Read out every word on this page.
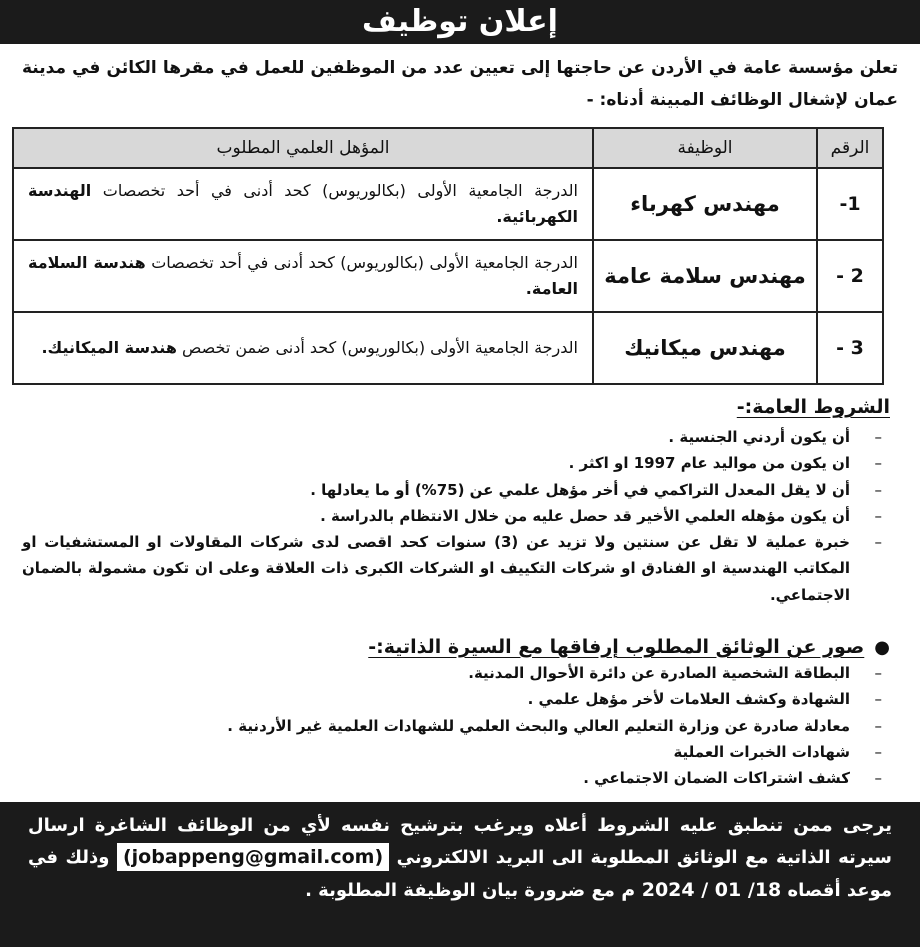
إعلان توظيف
تعلن مؤسسة عامة في الأردن عن حاجتها إلى تعيين عدد من الموظفين للعمل في مقرها الكائن في مدينة عمان لإشغال الوظائف المبينة أدناه: -
الرقم	الوظيفة	المؤهل العلمي المطلوب
1-	مهندس كهرباء	الدرجة الجامعية الأولى (بكالوريوس) كحد أدنى في أحد تخصصات الهندسة الكهربائية.
2 -	مهندس سلامة عامة	الدرجة الجامعية الأولى (بكالوريوس) كحد أدنى في أحد تخصصات هندسة السلامة العامة.
3 -	مهندس ميكانيك	الدرجة الجامعية الأولى (بكالوريوس) كحد أدنى ضمن تخصص هندسة الميكانيك.
الشروط العامة:-
– أن يكون أردني الجنسية .
– ان يكون من مواليد عام 1997 او اكثر .
– أن لا يقل المعدل التراكمي في أخر مؤهل علمي عن (75%) أو ما يعادلها .
– أن يكون مؤهله العلمي الأخير قد حصل عليه من خلال الانتظام بالدراسة .
– خبرة عملية لا تقل عن سنتين ولا تزيد عن (3) سنوات كحد اقصى لدى شركات المقاولات او المستشفيات او المكاتب الهندسية او الفنادق او شركات التكييف او الشركات الكبرى ذات العلاقة وعلى ان تكون مشمولة بالضمان الاجتماعي.
●
صور عن الوثائق المطلوب إرفاقها مع السيرة الذاتية:-
– البطاقة الشخصية الصادرة عن دائرة الأحوال المدنية.
– الشهادة وكشف العلامات لأخر مؤهل علمي .
– معادلة صادرة عن وزارة التعليم العالي والبحث العلمي للشهادات العلمية غير الأردنية .
– شهادات الخبرات العملية
– كشف اشتراكات الضمان الاجتماعي .
يرجى ممن تنطبق عليه الشروط أعلاه ويرغب بترشيح نفسه لأي من الوظائف الشاغرة ارسال سيرته الذاتية مع الوثائق المطلوبة الى البريد الالكتروني (jobappeng@gmail.com) وذلك في موعد أقصاه 18/ 01 / 2024 م مع ضرورة بيان الوظيفة المطلوبة .
